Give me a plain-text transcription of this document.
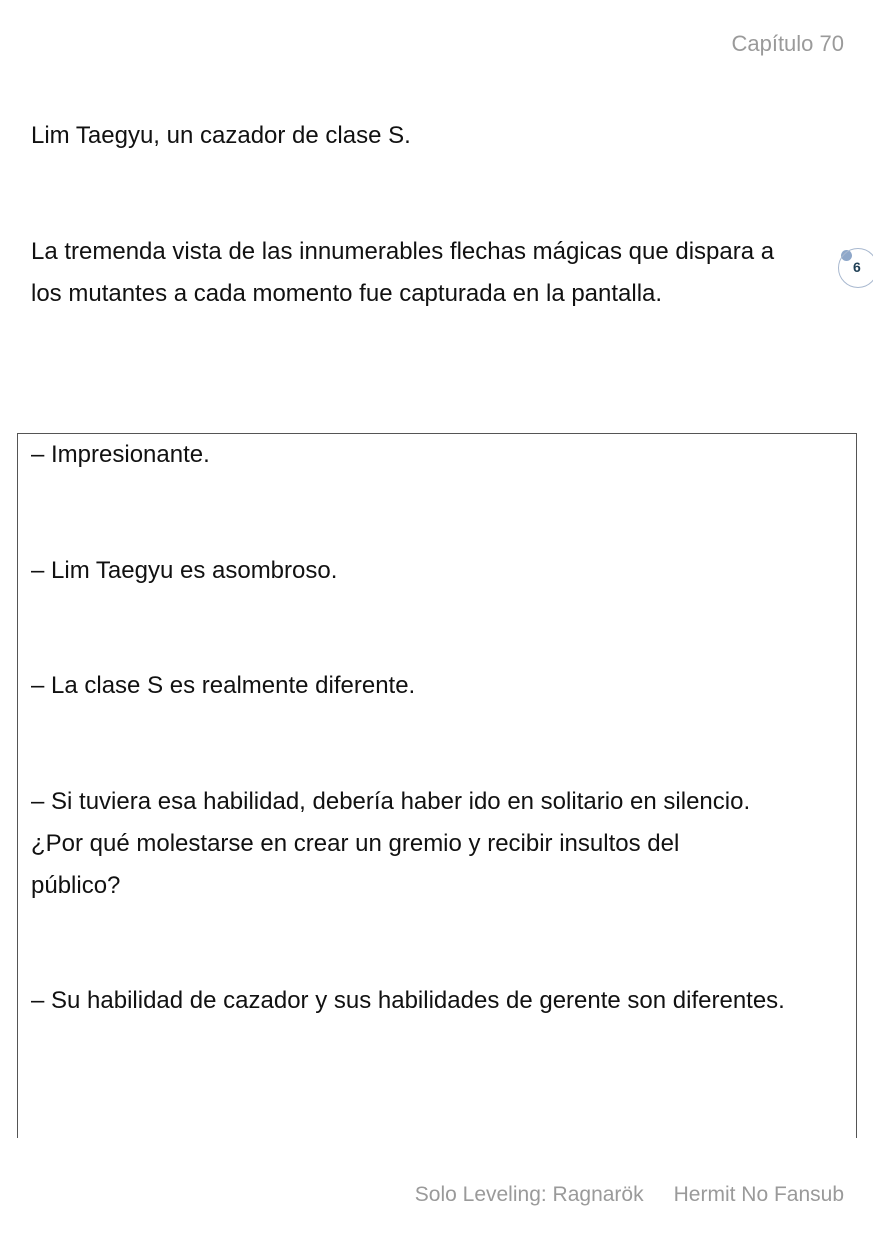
Capítulo 70

Lim Taegyu, un cazador de clase S.

La tremenda vista de las innumerables flechas mágicas que dispara a los mutantes a cada momento fue capturada en la pantalla.

6

– Impresionante.

– Lim Taegyu es asombroso.

– La clase S es realmente diferente.

– Si tuviera esa habilidad, debería haber ido en solitario en silencio. ¿Por qué molestarse en crear un gremio y recibir insultos del público?

– Su habilidad de cazador y sus habilidades de gerente son diferentes.

Solo Leveling: Ragnarök Hermit No Fansub
